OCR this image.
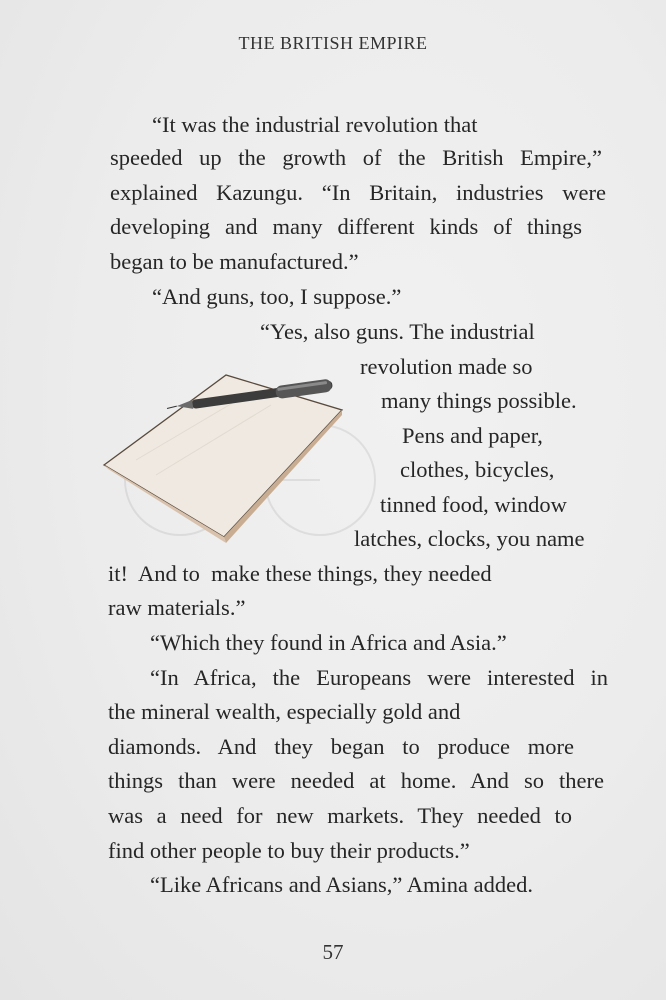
THE BRITISH EMPIRE
“It was the industrial revolution that
speeded up the growth of the British Empire,”
explained Kazungu. “In Britain, industries were
developing and many different kinds of things
began to be manufactured.”
“And guns, too, I suppose.”
“Yes, also guns. The industrial
revolution made so
many things possible.
Pens and paper,
clothes, bicycles,
tinned food, window
latches, clocks, you name
it!  And to  make these things, they needed
raw materials.”
“Which they found in Africa and Asia.”
“In Africa, the Europeans were interested in
the mineral wealth, especially gold and
diamonds. And they began to produce more
things than were needed at home. And so there
was a need for new markets. They needed to
find other people to buy their products.”
“Like Africans and Asians,” Amina added.
57
